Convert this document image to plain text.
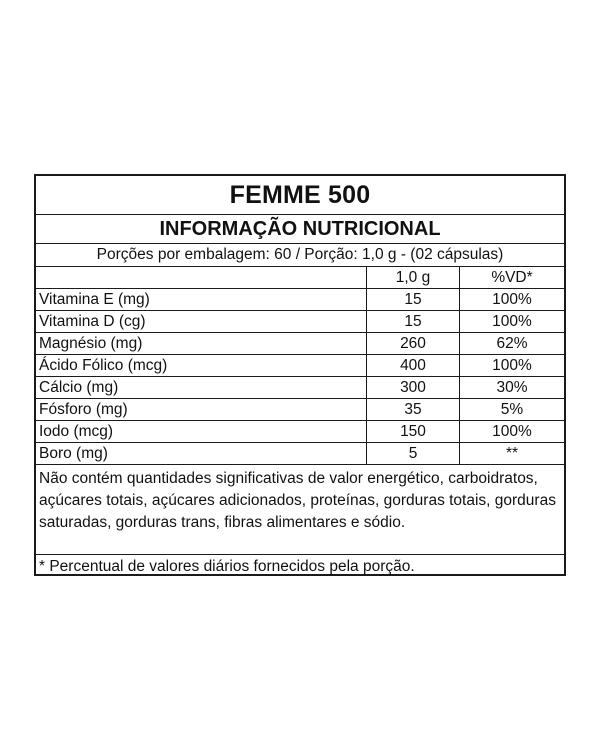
FEMME 500
INFORMAÇÃO NUTRICIONAL
Porções por embalagem: 60 / Porção: 1,0 g - (02 cápsulas)
	1,0 g	%VD*
Vitamina E (mg)	15	100%
Vitamina D (cg)	15	100%
Magnésio (mg)	260	62%
Ácido Fólico (mcg)	400	100%
Cálcio (mg)	300	30%
Fósforo (mg)	35	5%
Iodo (mcg)	150	100%
Boro (mg)	5	**
Não contém quantidades significativas de valor energético, carboidratos, açúcares totais, açúcares adicionados, proteínas, gorduras totais, gorduras saturadas, gorduras trans, fibras alimentares e sódio.
* Percentual de valores diários fornecidos pela porção.
